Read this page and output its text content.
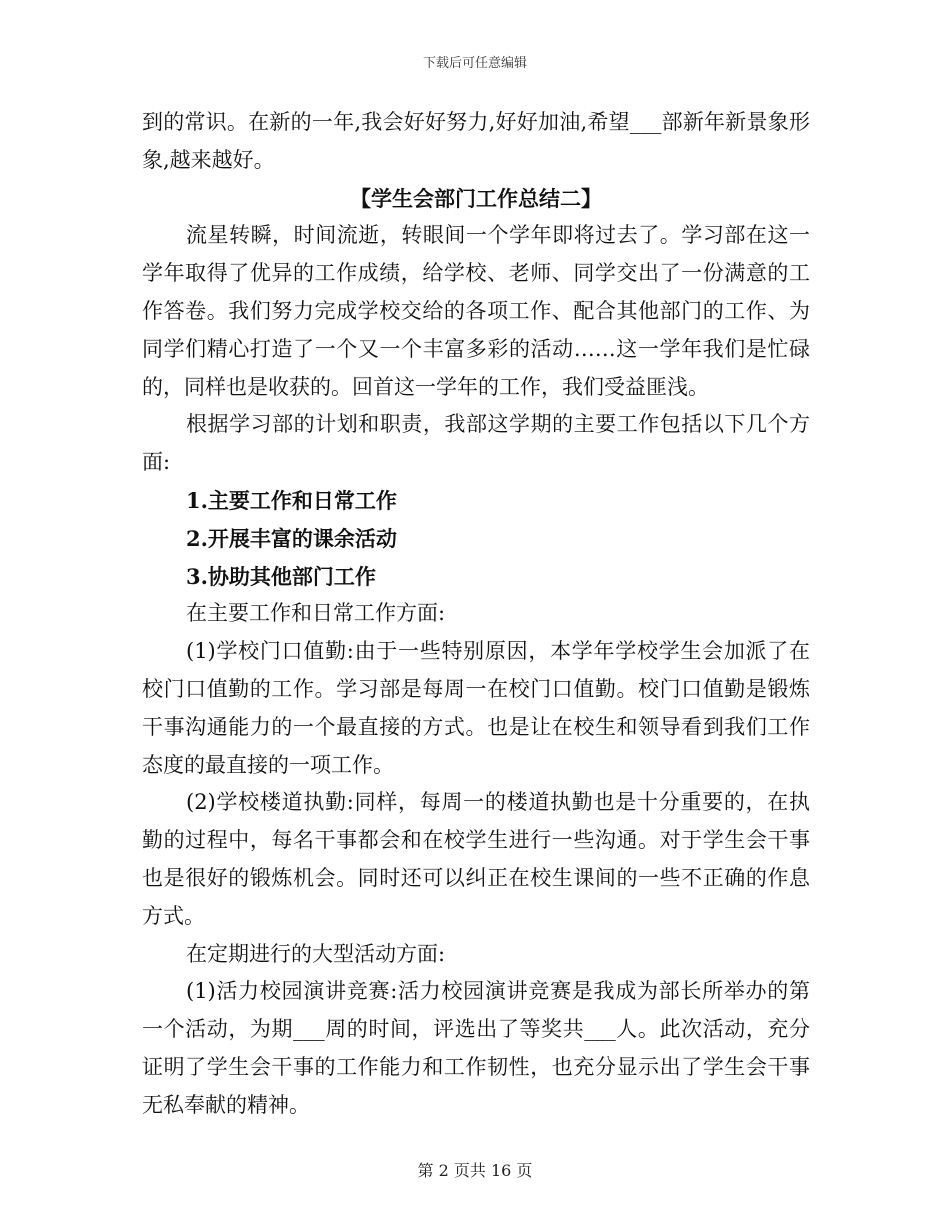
下载后可任意编辑

到的常识。在新的一年,我会好好努力,好好加油,希望___部新年新景象形象,越来越好。

【学生会部门工作总结二】

流星转瞬，时间流逝，转眼间一个学年即将过去了。学习部在这一学年取得了优异的工作成绩，给学校、老师、同学交出了一份满意的工作答卷。我们努力完成学校交给的各项工作、配合其他部门的工作、为同学们精心打造了一个又一个丰富多彩的活动……这一学年我们是忙碌的，同样也是收获的。回首这一学年的工作，我们受益匪浅。

根据学习部的计划和职责，我部这学期的主要工作包括以下几个方面:

1.主要工作和日常工作

2.开展丰富的课余活动

3.协助其他部门工作

在主要工作和日常工作方面:

(1)学校门口值勤:由于一些特别原因，本学年学校学生会加派了在校门口值勤的工作。学习部是每周一在校门口值勤。校门口值勤是锻炼干事沟通能力的一个最直接的方式。也是让在校生和领导看到我们工作态度的最直接的一项工作。

(2)学校楼道执勤:同样，每周一的楼道执勤也是十分重要的，在执勤的过程中，每名干事都会和在校学生进行一些沟通。对于学生会干事也是很好的锻炼机会。同时还可以纠正在校生课间的一些不正确的作息方式。

在定期进行的大型活动方面:

(1)活力校园演讲竞赛:活力校园演讲竞赛是我成为部长所举办的第一个活动，为期___周的时间，评选出了等奖共___人。此次活动，充分证明了学生会干事的工作能力和工作韧性，也充分显示出了学生会干事无私奉献的精神。

第 2 页共 16 页
